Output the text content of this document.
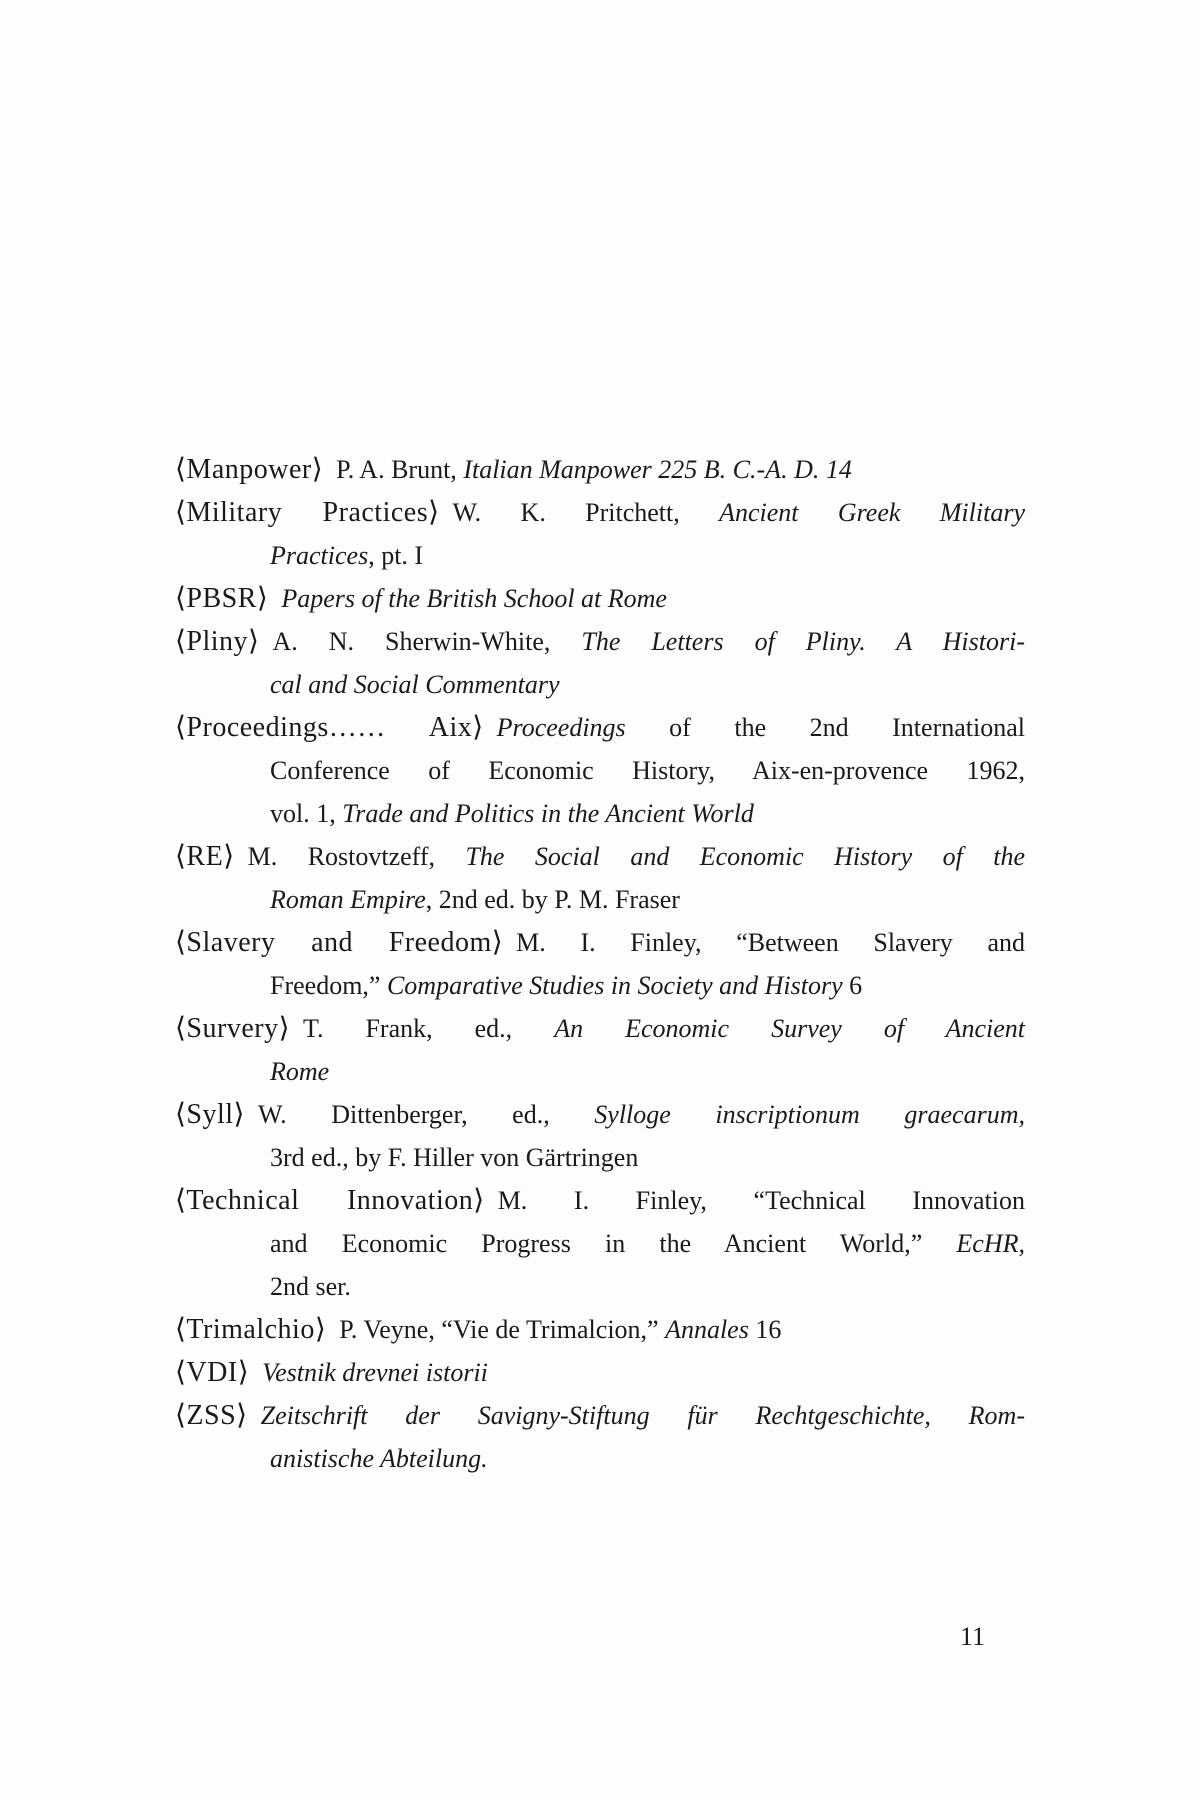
⟨Manpower⟩  P. A. Brunt, Italian Manpower 225 B. C.-A. D. 14
⟨Military Practices⟩  W. K. Pritchett, Ancient Greek Military
Practices, pt. I
⟨PBSR⟩  Papers of the British School at Rome
⟨Pliny⟩  A. N. Sherwin-White, The Letters of Pliny. A Histori-
cal and Social Commentary
⟨Proceedings…… Aix⟩  Proceedings of the 2nd International
Conference of Economic History, Aix-en-provence 1962,
vol. 1, Trade and Politics in the Ancient World
⟨RE⟩  M. Rostovtzeff, The Social and Economic History of the
Roman Empire, 2nd ed. by P. M. Fraser
⟨Slavery and Freedom⟩  M. I. Finley, “Between Slavery and
Freedom,” Comparative Studies in Society and History 6
⟨Survery⟩  T. Frank, ed., An Economic Survey of Ancient
Rome
⟨Syll⟩  W. Dittenberger, ed., Sylloge inscriptionum graecarum,
3rd ed., by F. Hiller von Gärtringen
⟨Technical Innovation⟩  M. I. Finley, “Technical Innovation
and Economic Progress in the Ancient World,” EcHR,
2nd ser.
⟨Trimalchio⟩  P. Veyne, “Vie de Trimalcion,” Annales 16
⟨VDI⟩  Vestnik drevnei istorii
⟨ZSS⟩  Zeitschrift der Savigny-Stiftung für Rechtgeschichte, Rom-
anistische Abteilung.
11
